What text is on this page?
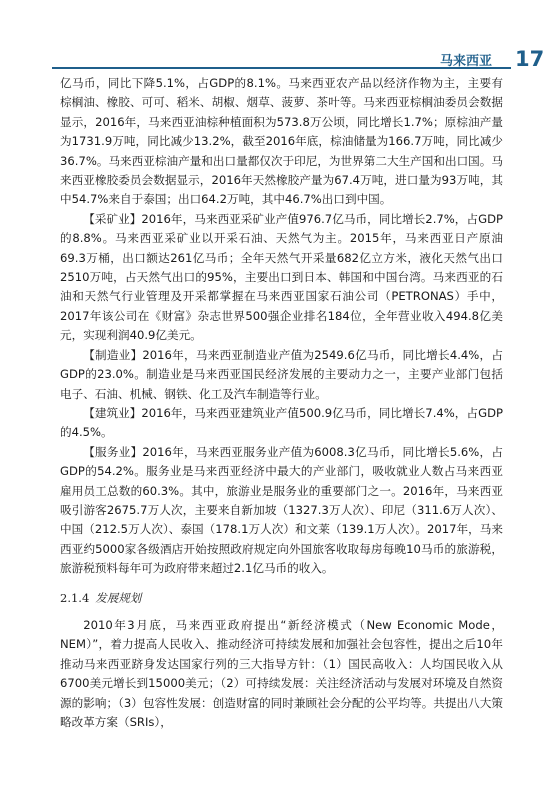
马来西亚 17

亿马币，同比下降5.1%，占GDP的8.1%。马来西亚农产品以经济作物为主，主要有棕榈油、橡胶、可可、稻米、胡椒、烟草、菠萝、茶叶等。马来西亚棕榈油委员会数据显示，2016年，马来西亚油棕种植面积为573.8万公顷，同比增长1.7%；原棕油产量为1731.9万吨，同比减少13.2%，截至2016年底，棕油储量为166.7万吨，同比减少36.7%。马来西亚棕油产量和出口量都仅次于印尼，为世界第二大生产国和出口国。马来西亚橡胶委员会数据显示，2016年天然橡胶产量为67.4万吨，进口量为93万吨，其中54.7%来自于泰国；出口64.2万吨，其中46.7%出口到中国。

【采矿业】2016年，马来西亚采矿业产值976.7亿马币，同比增长2.7%，占GDP的8.8%。马来西亚采矿业以开采石油、天然气为主。2015年，马来西亚日产原油69.3万桶，出口额达261亿马币；全年天然气开采量682亿立方米，液化天然气出口2510万吨，占天然气出口的95%，主要出口到日本、韩国和中国台湾。马来西亚的石油和天然气行业管理及开采都掌握在马来西亚国家石油公司（PETRONAS）手中，2017年该公司在《财富》杂志世界500强企业排名184位，全年营业收入494.8亿美元，实现利润40.9亿美元。

【制造业】2016年，马来西亚制造业产值为2549.6亿马币，同比增长4.4%，占GDP的23.0%。制造业是马来西亚国民经济发展的主要动力之一，主要产业部门包括电子、石油、机械、钢铁、化工及汽车制造等行业。

【建筑业】2016年，马来西亚建筑业产值500.9亿马币，同比增长7.4%，占GDP的4.5%。

【服务业】2016年，马来西亚服务业产值为6008.3亿马币，同比增长5.6%，占GDP的54.2%。服务业是马来西亚经济中最大的产业部门，吸收就业人数占马来西亚雇用员工总数的60.3%。其中，旅游业是服务业的重要部门之一。2016年，马来西亚吸引游客2675.7万人次，主要来自新加坡（1327.3万人次）、印尼（311.6万人次）、中国（212.5万人次）、泰国（178.1万人次）和文莱（139.1万人次）。2017年，马来西亚约5000家各级酒店开始按照政府规定向外国旅客收取每房每晚10马币的旅游税，旅游税预料每年可为政府带来超过2.1亿马币的收入。

2.1.4 发展规划

2010年3月底，马来西亚政府提出“新经济模式（New Economic Mode，NEM）”，着力提高人民收入、推动经济可持续发展和加强社会包容性，提出之后10年推动马来西亚跻身发达国家行列的三大指导方针：（1）国民高收入：人均国民收入从6700美元增长到15000美元；（2）可持续发展：关注经济活动与发展对环境及自然资源的影响；（3）包容性发展：创造财富的同时兼顾社会分配的公平均等。共提出八大策略改革方案（SRIs），
